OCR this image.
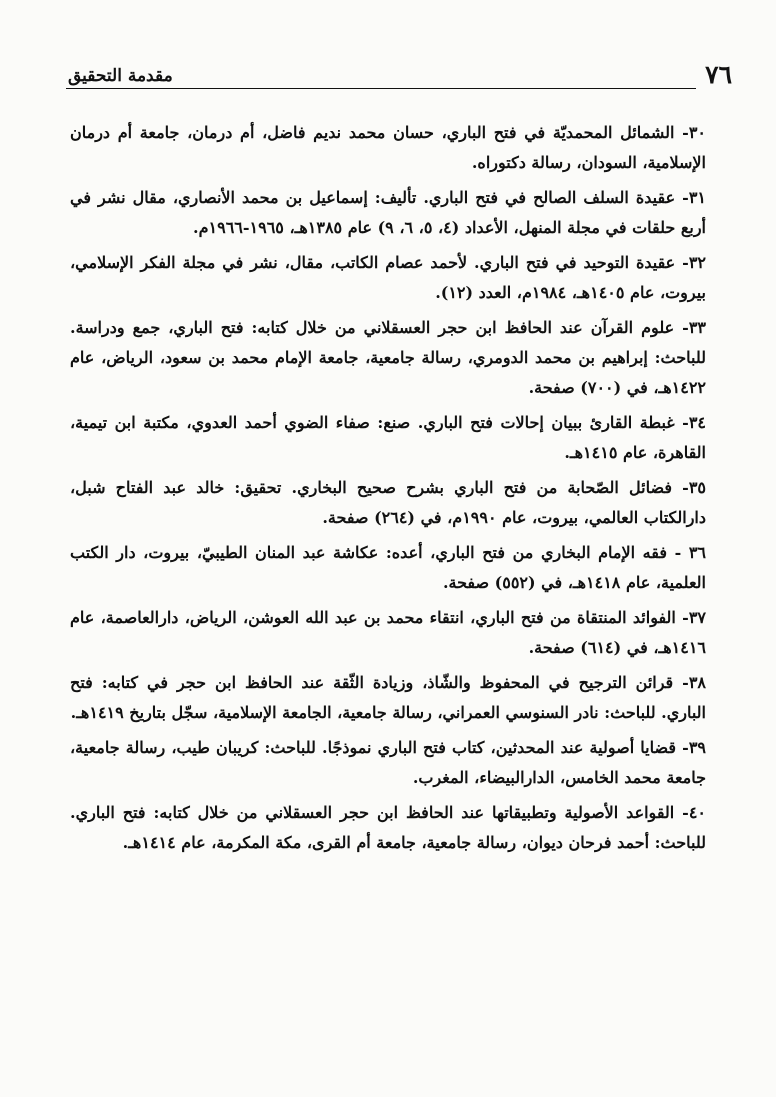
٧٦
مقدمة التحقيق

٣٠- الشمائل المحمديّة في فتح الباري، حسان محمد نديم فاضل، أم درمان، جامعة أم درمان الإسلامية، السودان، رسالة دكتوراه.

٣١- عقيدة السلف الصالح في فتح الباري. تأليف: إسماعيل بن محمد الأنصاري، مقال نشر في أربع حلقات في مجلة المنهل، الأعداد (٤، ٥، ٦، ٩) عام ١٣٨٥هـ، ١٩٦٥-١٩٦٦م.

٣٢- عقيدة التوحيد في فتح الباري. لأحمد عصام الكاتب، مقال، نشر في مجلة الفكر الإسلامي، بيروت، عام ١٤٠٥هـ، ١٩٨٤م، العدد (١٢).

٣٣- علوم القرآن عند الحافظ ابن حجر العسقلاني من خلال كتابه: فتح الباري، جمع ودراسة. للباحث: إبراهيم بن محمد الدومري، رسالة جامعية، جامعة الإمام محمد بن سعود، الرياض، عام ١٤٢٢هـ، في (٧٠٠) صفحة.

٣٤- غبطة القارئ ببيان إحالات فتح الباري. صنع: صفاء الضوي أحمد العدوي، مكتبة ابن تيمية، القاهرة، عام ١٤١٥هـ.

٣٥- فضائل الصّحابة من فتح الباري بشرح صحيح البخاري. تحقيق: خالد عبد الفتاح شبل، دارالكتاب العالمي، بيروت، عام ١٩٩٠م، في (٢٦٤) صفحة.

٣٦ - فقه الإمام البخاري من فتح الباري، أعده: عكاشة عبد المنان الطيبيّ، بيروت، دار الكتب العلمية، عام ١٤١٨هـ، في (٥٥٢) صفحة.

٣٧- الفوائد المنتقاة من فتح الباري، انتقاء محمد بن عبد الله العوشن، الرياض، دارالعاصمة، عام ١٤١٦هـ، في (٦١٤) صفحة.

٣٨- قرائن الترجيح في المحفوظ والشّاذ، وزيادة الثّقة عند الحافظ ابن حجر في كتابه: فتح الباري. للباحث: نادر السنوسي العمراني، رسالة جامعية، الجامعة الإسلامية، سجّل بتاريخ ١٤١٩هـ.

٣٩- قضايا أصولية عند المحدثين، كتاب فتح الباري نموذجًا. للباحث: كريبان طيب، رسالة جامعية، جامعة محمد الخامس، الدارالبيضاء، المغرب.

٤٠- القواعد الأصولية وتطبيقاتها عند الحافظ ابن حجر العسقلاني من خلال كتابه: فتح الباري. للباحث: أحمد فرحان ديوان، رسالة جامعية، جامعة أم القرى، مكة المكرمة، عام ١٤١٤هـ.
